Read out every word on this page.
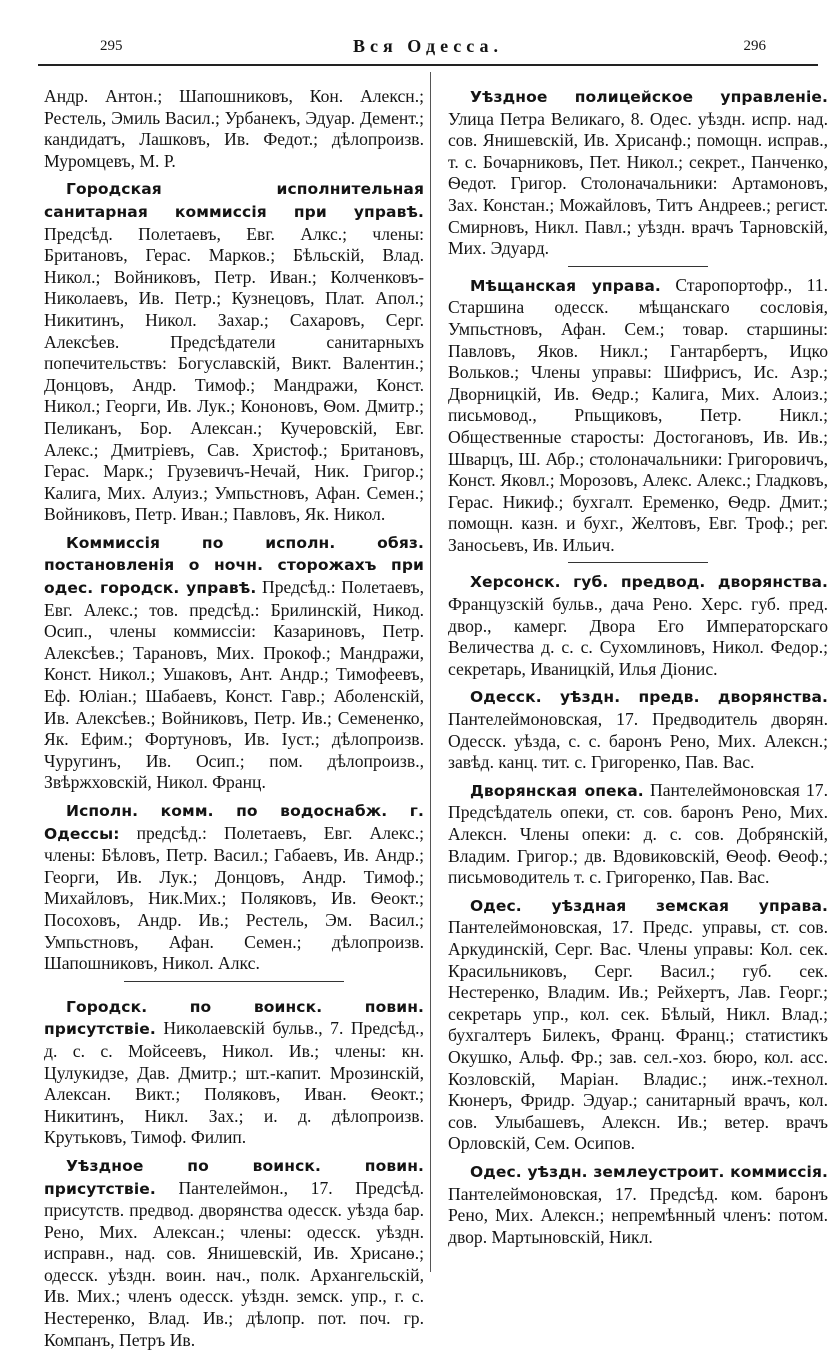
295	Вся Одесса.	296

Андр. Антон.; Шапошниковъ, Кон. Алексн.; Рестель, Эмиль Васил.; Урбанекъ, Эдуар. Демент.; кандидатъ, Лашковъ, Ив. Федот.; дѣлопроизв. Муромцевъ, М. Р.

Городская исполнительная санитарная коммиссія при управѣ. Предсѣд. Полетаевъ, Евг. Алкс.; члены: Британовъ, Герас. Марков.; Бѣльскій, Влад. Никол.; Войниковъ, Петр. Иван.; Колченковъ-Николаевъ, Ив. Петр.; Кузнецовъ, Плат. Апол.; Никитинъ, Никол. Захар.; Сахаровъ, Серг. Алексѣев. Предсѣдатели санитарныхъ попечительствъ: Богуславскій, Викт. Валентин.; Донцовъ, Андр. Тимоф.; Мандражи, Конст. Никол.; Георги, Ив. Лук.; Кононовъ, Ѳом. Дмитр.; Пеликанъ, Бор. Алексан.; Кучеровскій, Евг. Алекс.; Дмитріевъ, Сав. Христоф.; Британовъ, Герас. Марк.; Грузевичъ-Нечай, Ник. Григор.; Калига, Мих. Алуиз.; Умпьстновъ, Афан. Семен.; Войниковъ, Петр. Иван.; Павловъ, Як. Никол.

Коммиссія по исполн. обяз. постановленія о ночн. сторожахъ при одес. городск. управѣ. Предсѣд.: Полетаевъ, Евг. Алекс.; тов. предсѣд.: Брилинскій, Никод. Осип., члены коммиссіи: Казариновъ, Петр. Алексѣев.; Тарановъ, Мих. Прокоф.; Мандражи, Конст. Никол.; Ушаковъ, Ант. Андр.; Тимофеевъ, Еф. Юліан.; Шабаевъ, Конст. Гавр.; Аболенскій, Ив. Алексѣев.; Войниковъ, Петр. Ив.; Семененко, Як. Ефим.; Фортуновъ, Ив. Іуст.; дѣлопроизв. Чуругинъ, Ив. Осип.; пом. дѣлопроизв., Звѣржховскій, Никол. Франц.

Исполн. комм. по водоснабж. г. Одессы: предсѣд.: Полетаевъ, Евг. Алекс.; члены: Бѣловъ, Петр. Васил.; Габаевъ, Ив. Андр.; Георги, Ив. Лук.; Донцовъ, Андр. Тимоф.; Михайловъ, Ник.Мих.; Поляковъ, Ив. Ѳеокт.; Посоховъ, Андр. Ив.; Рестель, Эм. Васил.; Умпьстновъ, Афан. Семен.; дѣлопроизв. Шапошниковъ, Никол. Алкс.

Городск. по воинск. повин. присутствіе. Николаевскій бульв., 7. Предсѣд., д. с. с. Мойсеевъ, Никол. Ив.; члены: кн. Цулукидзе, Дав. Дмитр.; шт.-капит. Мрозинскій, Алексан. Викт.; Поляковъ, Иван. Ѳеокт.; Никитинъ, Никл. Зах.; и. д. дѣлопроизв. Крутьковъ, Тимоф. Филип.

Уѣздное по воинск. повин. присутствіе. Пантелеймон., 17. Предсѣд. присутств. предвод. дворянства одесск. уѣзда бар. Рено, Мих. Алексан.; члены: одесск. уѣздн. исправн., над. сов. Янишевскій, Ив. Хрисанѳ.; одесск. уѣздн. воин. нач., полк. Архангельскій, Ив. Мих.; членъ одесск. уѣздн. земск. упр., г. с. Нестеренко, Влад. Ив.; дѣлопр. пот. поч. гр. Компанъ, Петръ Ив.

Уѣздное полицейское управленіе. Улица Петра Великаго, 8. Одес. уѣздн. испр. над. сов. Янишевскій, Ив. Хрисанф.; помощн. исправ., т. с. Бочарниковъ, Пет. Никол.; секрет., Панченко, Ѳедот. Григор. Столоначальники: Артамоновъ, Зах. Констан.; Можайловъ, Титъ Андреев.; регист. Смирновъ, Никл. Павл.; уѣздн. врачъ Тарновскій, Мих. Эдуард.

Мѣщанская управа. Старопортофр., 11. Старшина одесск. мѣщанскаго сословія, Умпьстновъ, Афан. Сем.; товар. старшины: Павловъ, Яков. Никл.; Гантарбертъ, Ицко Вольков.; Члены управы: Шифрисъ, Ис. Азр.; Дворницкій, Ив. Ѳедр.; Калига, Мих. Алоиз.; письмовод., Рпьщиковъ, Петр. Никл.; Общественные старосты: Достогановъ, Ив. Ив.; Шварцъ, Ш. Абр.; столоначальники: Григоровичъ, Конст. Яковл.; Морозовъ, Алекс. Алекс.; Гладковъ, Герас. Никиф.; бухгалт. Еременко, Ѳедр. Дмит.; помощн. казн. и бухг., Желтовъ, Евг. Троф.; рег. Заносьевъ, Ив. Ильич.

Херсонск. губ. предвод. дворянства. Французскій бульв., дача Рено. Херс. губ. пред. двор., камерг. Двора Его Императорскаго Величества д. с. с. Сухомлиновъ, Никол. Федор.; секретарь, Иваницкій, Илья Діонис.

Одесск. уѣздн. предв. дворянства. Пантелеймоновская, 17. Предводитель дворян. Одесск. уѣзда, с. с. баронъ Рено, Мих. Алексн.; завѣд. канц. тит. с. Григоренко, Пав. Вас.

Дворянская опека. Пантелеймоновская 17. Предсѣдатель опеки, ст. сов. баронъ Рено, Мих. Алексн. Члены опеки: д. с. сов. Добрянскій, Владим. Григор.; дв. Вдовиковскій, Ѳеоф. Ѳеоф.; письмоводитель т. с. Григоренко, Пав. Вас.

Одес. уѣздная земская управа. Пантелеймоновская, 17. Предс. управы, ст. сов. Аркудинскій, Серг. Вас. Члены управы: Кол. сек. Красильниковъ, Серг. Васил.; губ. сек. Нестеренко, Владим. Ив.; Рейхертъ, Лав. Георг.; секретарь упр., кол. сек. Бѣлый, Никл. Влад.; бухгалтеръ Билекъ, Франц. Франц.; статистикъ Окушко, Альф. Фр.; зав. сел.-хоз. бюро, кол. асс. Козловскій, Маріан. Владис.; инж.-технол. Кюнеръ, Фридр. Эдуар.; санитарный врачъ, кол. сов. Улыбашевъ, Алексн. Ив.; ветер. врачъ Орловскій, Сем. Осипов.

Одес. уѣздн. землеустроит. коммиссія. Пантелеймоновская, 17. Предсѣд. ком. баронъ Рено, Мих. Алексн.; непремѣнный членъ: потом. двор. Мартыновскій, Никл.
